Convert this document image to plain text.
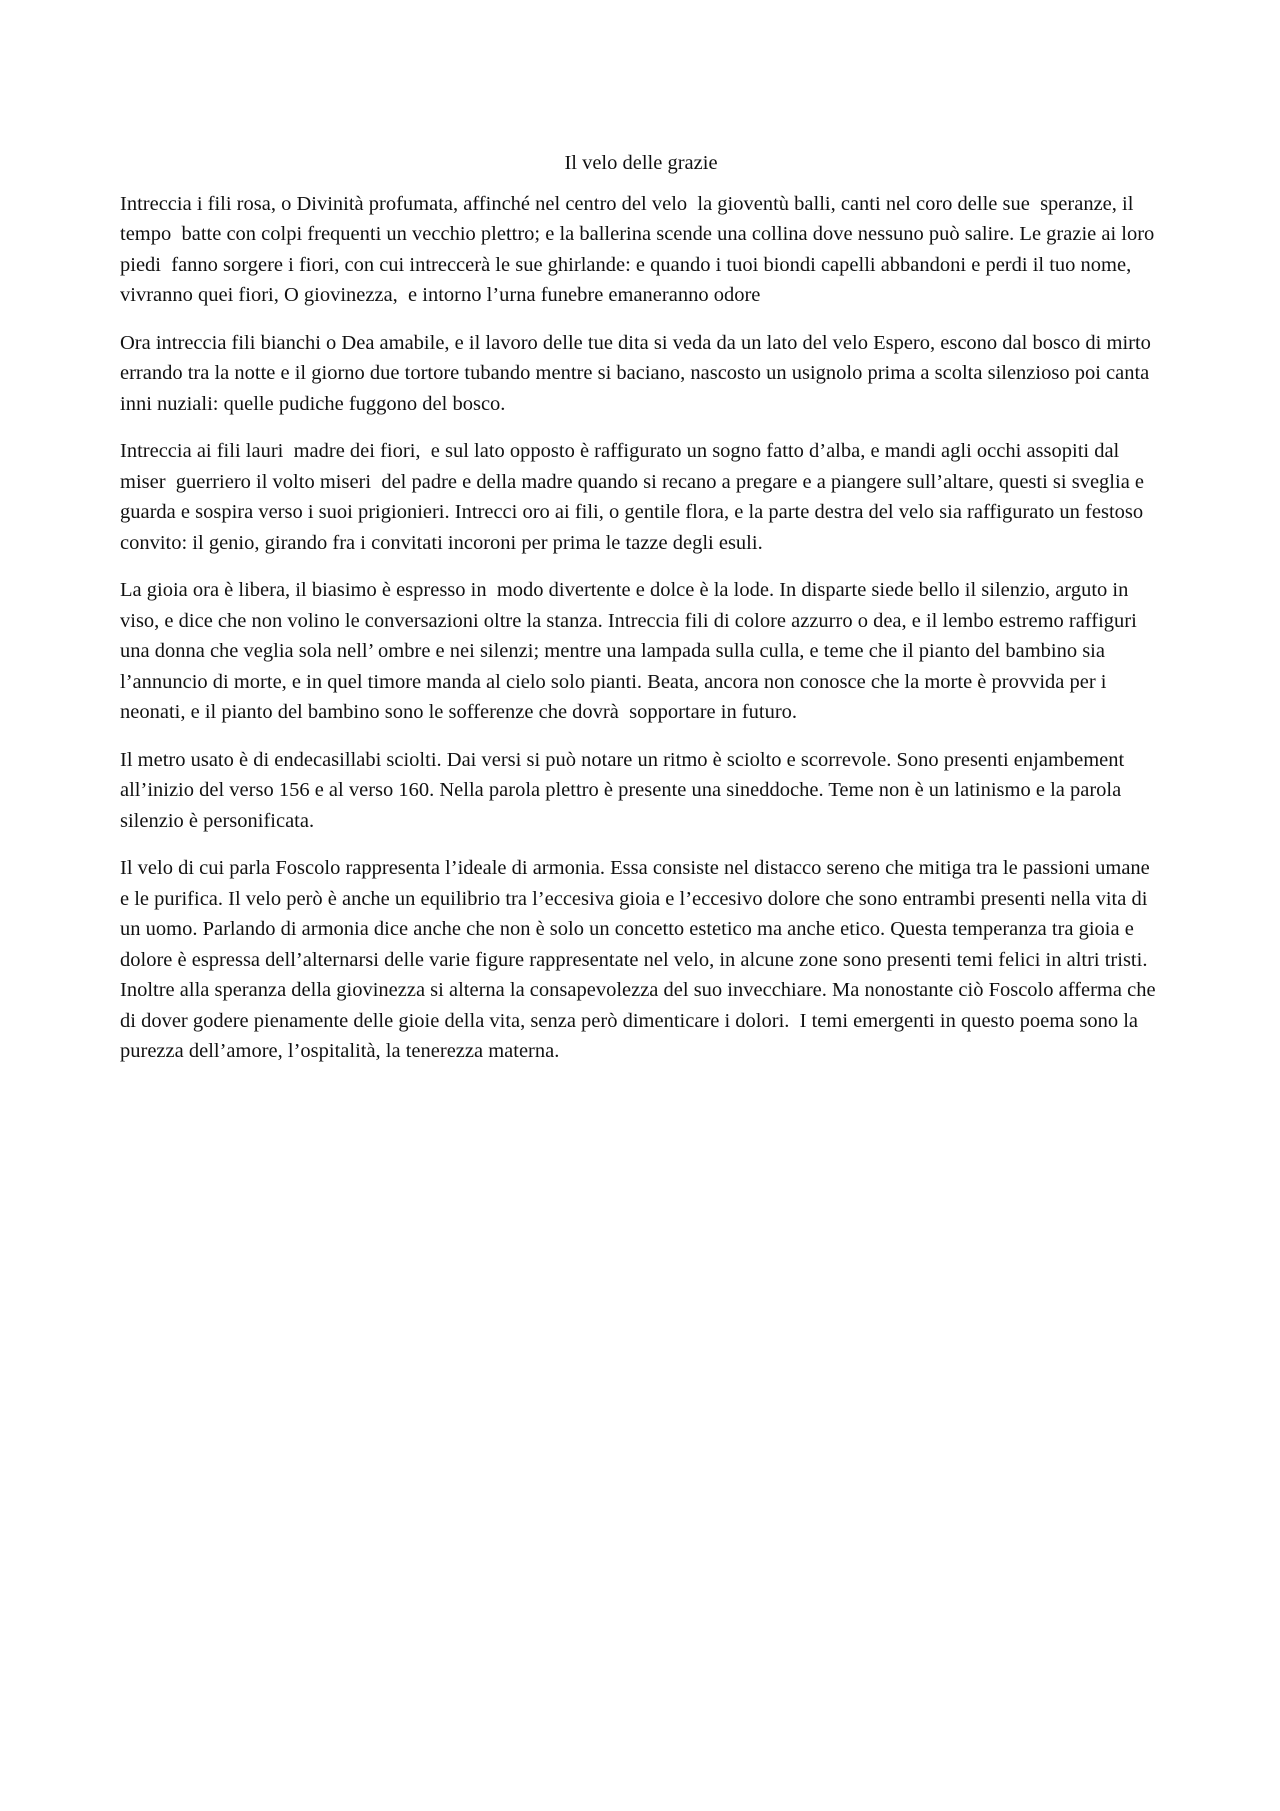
Il velo delle grazie

Intreccia i fili rosa, o Divinità profumata, affinché nel centro del velo  la gioventù balli, canti nel coro delle sue  speranze, il tempo  batte con colpi frequenti un vecchio plettro; e la ballerina scende una collina dove nessuno può salire. Le grazie ai loro piedi  fanno sorgere i fiori, con cui intreccerà le sue ghirlande: e quando i tuoi biondi capelli abbandoni e perdi il tuo nome, vivranno quei fiori, O giovinezza,  e intorno l’urna funebre emaneranno odore

Ora intreccia fili bianchi o Dea amabile, e il lavoro delle tue dita si veda da un lato del velo Espero, escono dal bosco di mirto errando tra la notte e il giorno due tortore tubando mentre si baciano, nascosto un usignolo prima a scolta silenzioso poi canta inni nuziali: quelle pudiche fuggono del bosco.

Intreccia ai fili lauri  madre dei fiori,  e sul lato opposto è raffigurato un sogno fatto d’alba, e mandi agli occhi assopiti dal miser  guerriero il volto miseri  del padre e della madre quando si recano a pregare e a piangere sull’altare, questi si sveglia e guarda e sospira verso i suoi prigionieri. Intrecci oro ai fili, o gentile flora, e la parte destra del velo sia raffigurato un festoso convito: il genio, girando fra i convitati incoroni per prima le tazze degli esuli.

La gioia ora è libera, il biasimo è espresso in  modo divertente e dolce è la lode. In disparte siede bello il silenzio, arguto in viso, e dice che non volino le conversazioni oltre la stanza. Intreccia fili di colore azzurro o dea, e il lembo estremo raffiguri una donna che veglia sola nell’ ombre e nei silenzi; mentre una lampada sulla culla, e teme che il pianto del bambino sia l’annuncio di morte, e in quel timore manda al cielo solo pianti. Beata, ancora non conosce che la morte è provvida per i neonati, e il pianto del bambino sono le sofferenze che dovrà  sopportare in futuro.

Il metro usato è di endecasillabi sciolti. Dai versi si può notare un ritmo è sciolto e scorrevole. Sono presenti enjambement all’inizio del verso 156 e al verso 160. Nella parola plettro è presente una sineddoche. Teme non è un latinismo e la parola silenzio è personificata.

Il velo di cui parla Foscolo rappresenta l’ideale di armonia. Essa consiste nel distacco sereno che mitiga tra le passioni umane e le purifica. Il velo però è anche un equilibrio tra l’eccesiva gioia e l’eccesivo dolore che sono entrambi presenti nella vita di un uomo. Parlando di armonia dice anche che non è solo un concetto estetico ma anche etico. Questa temperanza tra gioia e dolore è espressa dell’alternarsi delle varie figure rappresentate nel velo, in alcune zone sono presenti temi felici in altri tristi. Inoltre alla speranza della giovinezza si alterna la consapevolezza del suo invecchiare. Ma nonostante ciò Foscolo afferma che di dover godere pienamente delle gioie della vita, senza però dimenticare i dolori.  I temi emergenti in questo poema sono la purezza dell’amore, l’ospitalità, la tenerezza materna.
